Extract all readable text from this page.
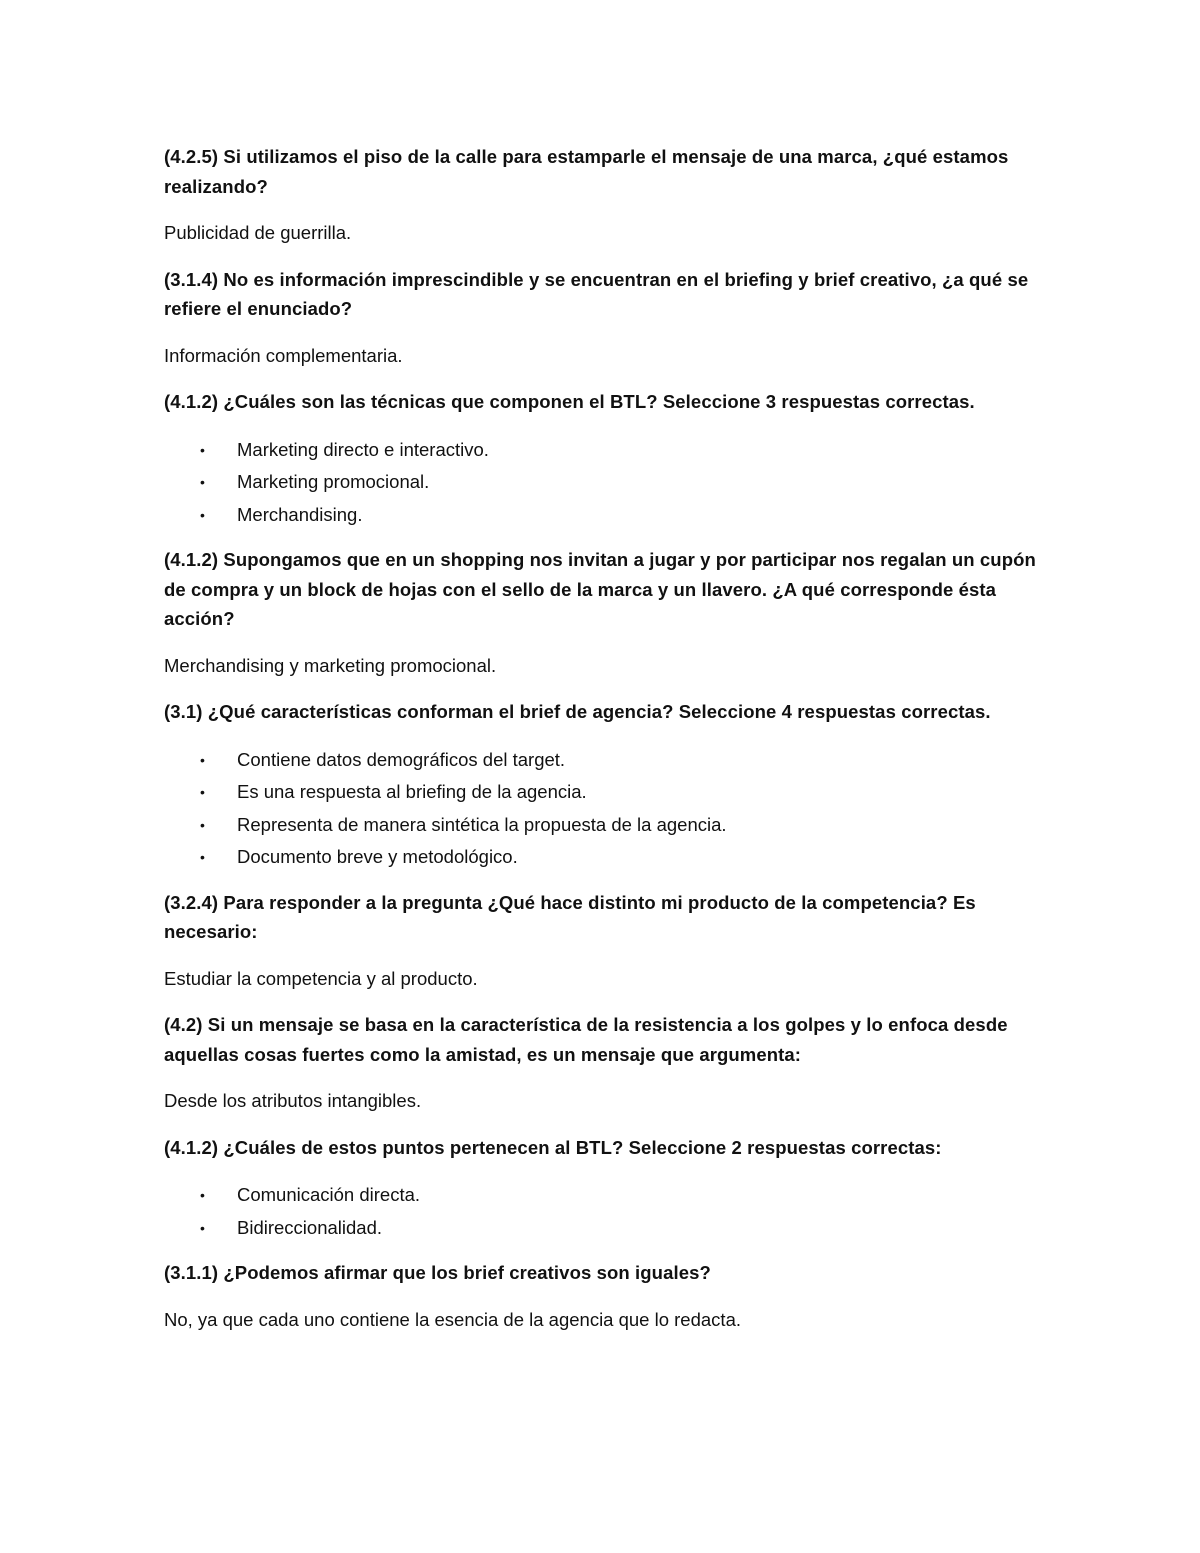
(4.2.5) Si utilizamos el piso de la calle para estamparle el mensaje de una marca, ¿qué estamos realizando?

Publicidad de guerrilla.

(3.1.4) No es información imprescindible y se encuentran en el briefing y brief creativo, ¿a qué se refiere el enunciado?

Información complementaria.

(4.1.2) ¿Cuáles son las técnicas que componen el BTL? Seleccione 3 respuestas correctas.

• Marketing directo e interactivo.
• Marketing promocional.
• Merchandising.

(4.1.2) Supongamos que en un shopping nos invitan a jugar y por participar nos regalan un cupón de compra y un block de hojas con el sello de la marca y un llavero. ¿A qué corresponde ésta acción?

Merchandising y marketing promocional.

(3.1) ¿Qué características conforman el brief de agencia? Seleccione 4 respuestas correctas.

• Contiene datos demográficos del target.
• Es una respuesta al briefing de la agencia.
• Representa de manera sintética la propuesta de la agencia.
• Documento breve y metodológico.

(3.2.4) Para responder a la pregunta ¿Qué hace distinto mi producto de la competencia? Es necesario:

Estudiar la competencia y al producto.

(4.2) Si un mensaje se basa en la característica de la resistencia a los golpes y lo enfoca desde aquellas cosas fuertes como la amistad, es un mensaje que argumenta:

Desde los atributos intangibles.

(4.1.2) ¿Cuáles de estos puntos pertenecen al BTL? Seleccione 2 respuestas correctas:

• Comunicación directa.
• Bidireccionalidad.

(3.1.1) ¿Podemos afirmar que los brief creativos son iguales?

No, ya que cada uno contiene la esencia de la agencia que lo redacta.
